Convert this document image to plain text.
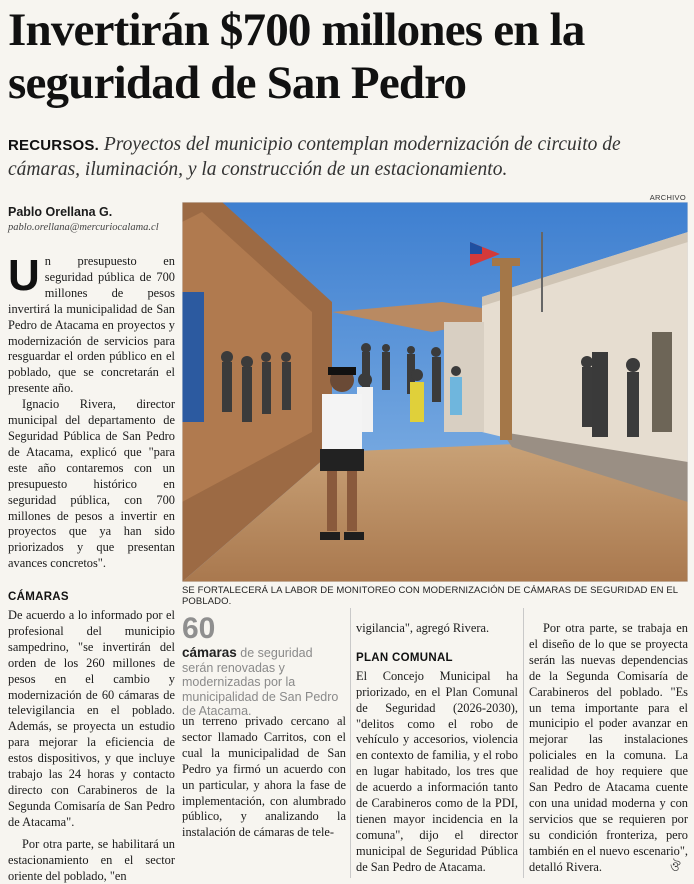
Invertirán $700 millones en la seguridad de San Pedro
RECURSOS. Proyectos del municipio contemplan modernización de circuito de cámaras, iluminación, y la construcción de un estacionamiento.
Pablo Orellana G.
pablo.orellana@mercuriocalama.cl

Un presupuesto en seguridad pública de 700 millones de pesos invertirá la municipalidad de San Pedro de Atacama en proyectos y modernización de servicios para resguardar el orden público en el poblado, que se concretarán el presente año.

Ignacio Rivera, director municipal del departamento de Seguridad Pública de San Pedro de Atacama, explicó que "para este año contaremos con un presupuesto histórico en seguridad pública, con 700 millones de pesos a invertir en proyectos que ya han sido priorizados y que presentan avances concretos".

CÁMARAS

De acuerdo a lo informado por el profesional del municipio sampedrino, "se invertirán del orden de los 260 millones de pesos en el cambio y modernización de 60 cámaras de televigilancia en el poblado. Además, se proyecta un estudio para mejorar la eficiencia de estos dispositivos, y que incluye trabajo las 24 horas y contacto directo con Carabineros de la Segunda Comisaría de San Pedro de Atacama".

Por otra parte, se habilitará un estacionamiento en el sector oriente del poblado, "en

ARCHIVO
SE FORTALECERÁ LA LABOR DE MONITOREO CON MODERNIZACIÓN DE CÁMARAS DE SEGURIDAD EN EL POBLADO.
60
cámaras de seguridad serán renovadas y modernizadas por la municipalidad de San Pedro de Atacama.

un terreno privado cercano al sector llamado Carritos, con el cual la municipalidad de San Pedro ya firmó un acuerdo con un particular, y ahora la fase de implementación, con alumbrado público, y analizando la instalación de cámaras de tele-

vigilancia", agregó Rivera.

PLAN COMUNAL

El Concejo Municipal ha priorizado, en el Plan Comunal de Seguridad (2026-2030), "delitos como el robo de vehículo y accesorios, violencia en contexto de familia, y el robo en lugar habitado, los tres que de acuerdo a información tanto de Carabineros como de la PDI, tienen mayor incidencia en la comuna", dijo el director municipal de Seguridad Pública de San Pedro de Atacama.

Por otra parte, se trabaja en el diseño de lo que se proyecta serán las nuevas dependencias de la Segunda Comisaría de Carabineros del poblado. "Es un tema importante para el municipio el poder avanzar en mejorar las instalaciones policiales en la comuna. La realidad de hoy requiere que San Pedro de Atacama cuente con una unidad moderna y con servicios que se requieren por su condición fronteriza, pero también en el nuevo escenario", detalló Rivera.	ঔ
